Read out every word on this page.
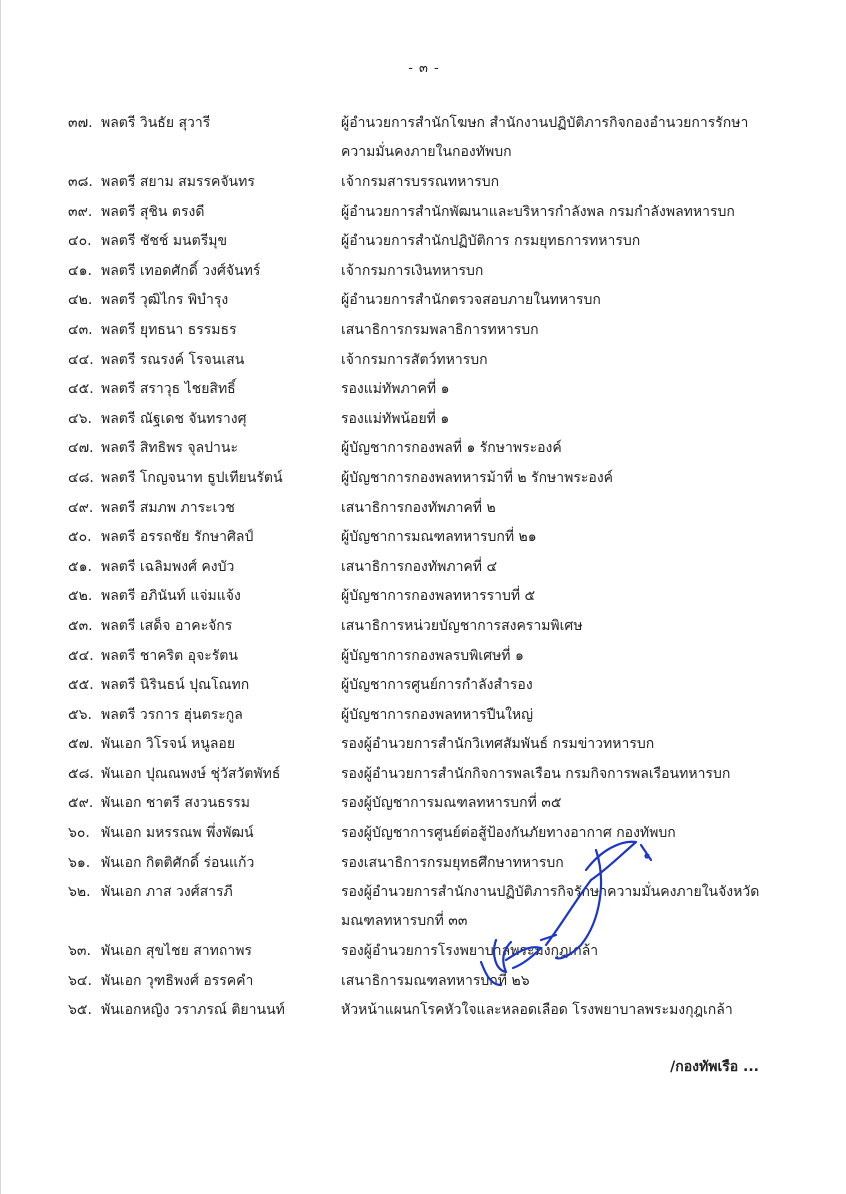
- ๓ -
๓๗. พลตรี วินธัย สุวารี	ผู้อำนวยการสำนักโฆษก สำนักงานปฏิบัติภารกิจกองอำนวยการรักษาความมั่นคงภายในกองทัพบก
๓๘. พลตรี สยาม สมรรคจันทร	เจ้ากรมสารบรรณทหารบก
๓๙. พลตรี สุชิน ตรงดี	ผู้อำนวยการสำนักพัฒนาและบริหารกำลังพล กรมกำลังพลทหารบก
๔๐. พลตรี ชัชช์ มนตรีมุข	ผู้อำนวยการสำนักปฏิบัติการ กรมยุทธการทหารบก
๔๑. พลตรี เทอดศักดิ์ วงศ์จันทร์	เจ้ากรมการเงินทหารบก
๔๒. พลตรี วุฒิไกร พิบำรุง	ผู้อำนวยการสำนักตรวจสอบภายในทหารบก
๔๓. พลตรี ยุทธนา ธรรมธร	เสนาธิการกรมพลาธิการทหารบก
๔๔. พลตรี รณรงค์ โรจนเสน	เจ้ากรมการสัตว์ทหารบก
๔๕. พลตรี สราวุธ ไชยสิทธิ์	รองแม่ทัพภาคที่ ๑
๔๖. พลตรี ณัฐเดช จันทรางศุ	รองแม่ทัพน้อยที่ ๑
๔๗. พลตรี สิทธิพร จุลปานะ	ผู้บัญชาการกองพลที่ ๑ รักษาพระองค์
๔๘. พลตรี โกญจนาท ธูปเทียนรัตน์	ผู้บัญชาการกองพลทหารม้าที่ ๒ รักษาพระองค์
๔๙. พลตรี สมภพ ภาระเวช	เสนาธิการกองทัพภาคที่ ๒
๕๐. พลตรี อรรถชัย รักษาศิลป์	ผู้บัญชาการมณฑลทหารบกที่ ๒๑
๕๑. พลตรี เฉลิมพงศ์ คงบัว	เสนาธิการกองทัพภาคที่ ๔
๕๒. พลตรี อภินันท์ แจ่มแจ้ง	ผู้บัญชาการกองพลทหารราบที่ ๕
๕๓. พลตรี เสด็จ อาคะจักร	เสนาธิการหน่วยบัญชาการสงครามพิเศษ
๕๔. พลตรี ชาคริต อุจะรัตน	ผู้บัญชาการกองพลรบพิเศษที่ ๑
๕๕. พลตรี นิรินธน์ ปุณโณทก	ผู้บัญชาการศูนย์การกำลังสำรอง
๕๖. พลตรี วรการ ฮุ่นตระกูล	ผู้บัญชาการกองพลทหารปืนใหญ่
๕๗. พันเอก วิโรจน์ หนูลอย	รองผู้อำนวยการสำนักวิเทศสัมพันธ์ กรมข่าวทหารบก
๕๘. พันเอก ปุณณพงษ์ ชุ่วัสวัตพัทธ์	รองผู้อำนวยการสำนักกิจการพลเรือน กรมกิจการพลเรือนทหารบก
๕๙. พันเอก ชาตรี สงวนธรรม	รองผู้บัญชาการมณฑลทหารบกที่ ๓๕
๖๐. พันเอก มหรรณพ พึ่งพัฒน์	รองผู้บัญชาการศูนย์ต่อสู้ป้องกันภัยทางอากาศ กองทัพบก
๖๑. พันเอก กิตติศักดิ์ ร่อนแก้ว	รองเสนาธิการกรมยุทธศึกษาทหารบก
๖๒. พันเอก ภาส วงศ์สารภี	รองผู้อำนวยการสำนักงานปฏิบัติภารกิจรักษาความมั่นคงภายในจังหวัดมณฑลทหารบกที่ ๓๓
๖๓. พันเอก สุขไชย สาทถาพร	รองผู้อำนวยการโรงพยาบาลพระมงกุฎเกล้า
๖๔. พันเอก วุฑธิพงศ์ อรรคคำ	เสนาธิการมณฑลทหารบกที่ ๒๖
๖๕. พันเอกหญิง วราภรณ์ ติยานนท์	หัวหน้าแผนกโรคหัวใจและหลอดเลือด โรงพยาบาลพระมงกุฎเกล้า
/กองทัพเรือ ...
